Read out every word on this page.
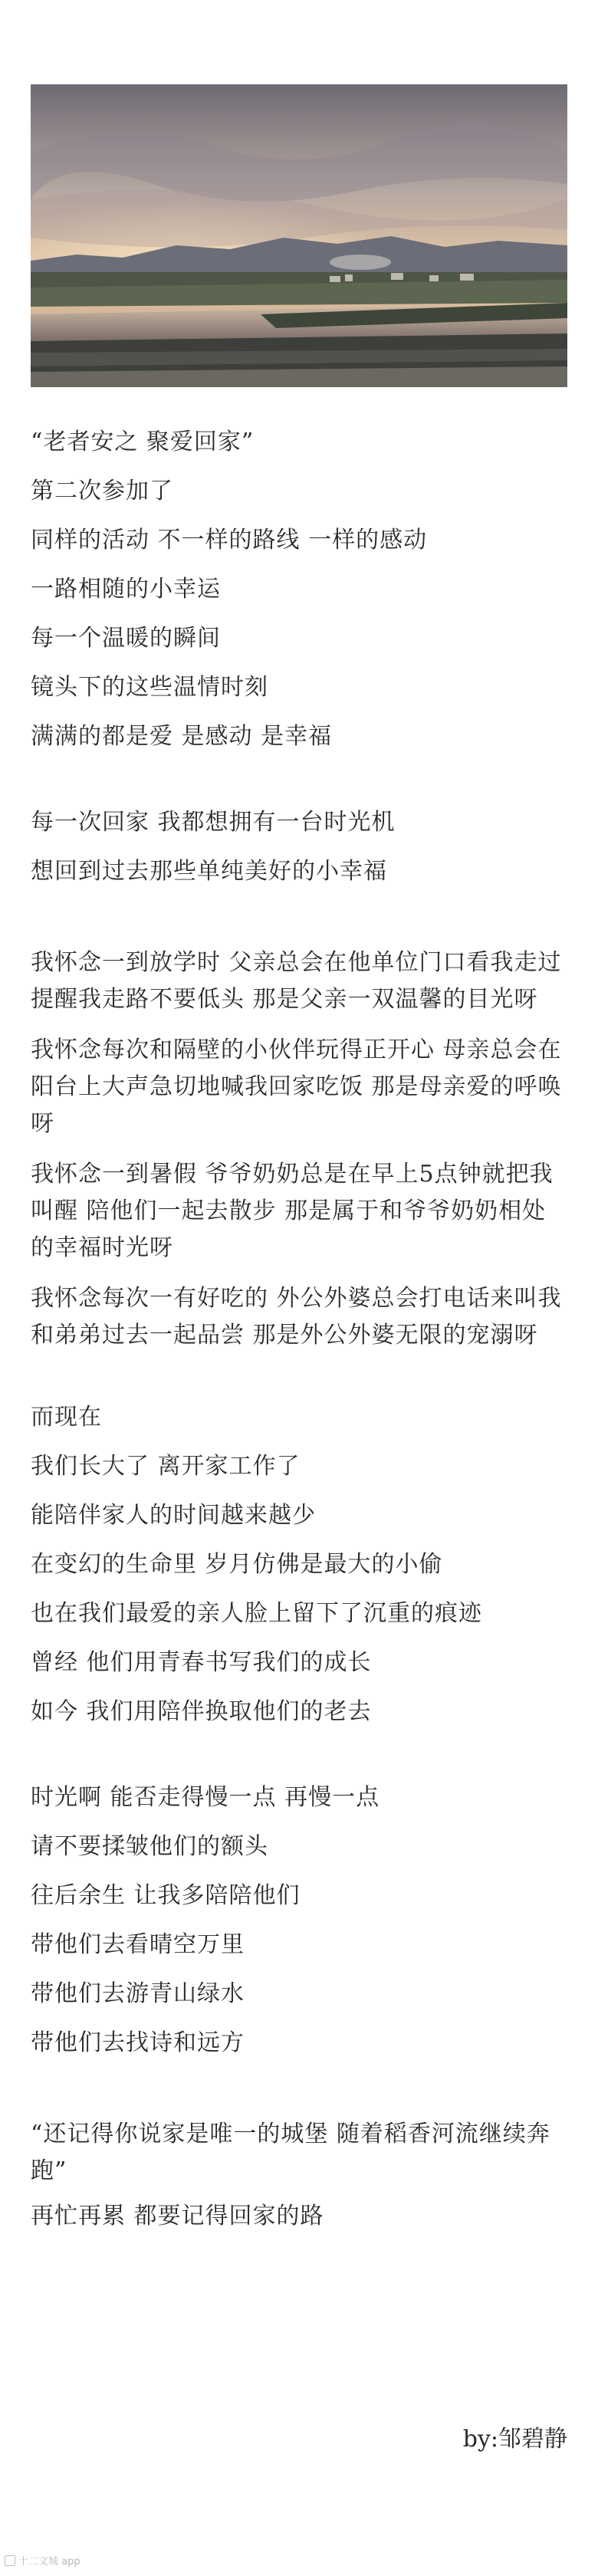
“老者安之 聚爱回家”
第二次参加了
同样的活动 不一样的路线 一样的感动
一路相随的小幸运
每一个温暖的瞬间
镜头下的这些温情时刻
满满的都是爱 是感动 是幸福
每一次回家 我都想拥有一台时光机
想回到过去那些单纯美好的小幸福
我怀念一到放学时 父亲总会在他单位门口看我走过 提醒我走路不要低头 那是父亲一双温馨的目光呀
我怀念每次和隔壁的小伙伴玩得正开心 母亲总会在阳台上大声急切地喊我回家吃饭 那是母亲爱的呼唤呀
我怀念一到暑假 爷爷奶奶总是在早上5点钟就把我叫醒 陪他们一起去散步 那是属于和爷爷奶奶相处的幸福时光呀
我怀念每次一有好吃的 外公外婆总会打电话来叫我和弟弟过去一起品尝 那是外公外婆无限的宠溺呀
而现在
我们长大了 离开家工作了
能陪伴家人的时间越来越少
在变幻的生命里 岁月仿佛是最大的小偷
也在我们最爱的亲人脸上留下了沉重的痕迹
曾经 他们用青春书写我们的成长
如今 我们用陪伴换取他们的老去
时光啊 能否走得慢一点 再慢一点
请不要揉皱他们的额头
往后余生 让我多陪陪他们
带他们去看晴空万里
带他们去游青山绿水
带他们去找诗和远方
“还记得你说家是唯一的城堡 随着稻香河流继续奔跑”
再忙再累 都要记得回家的路
by:邹碧静
十二文城 app
